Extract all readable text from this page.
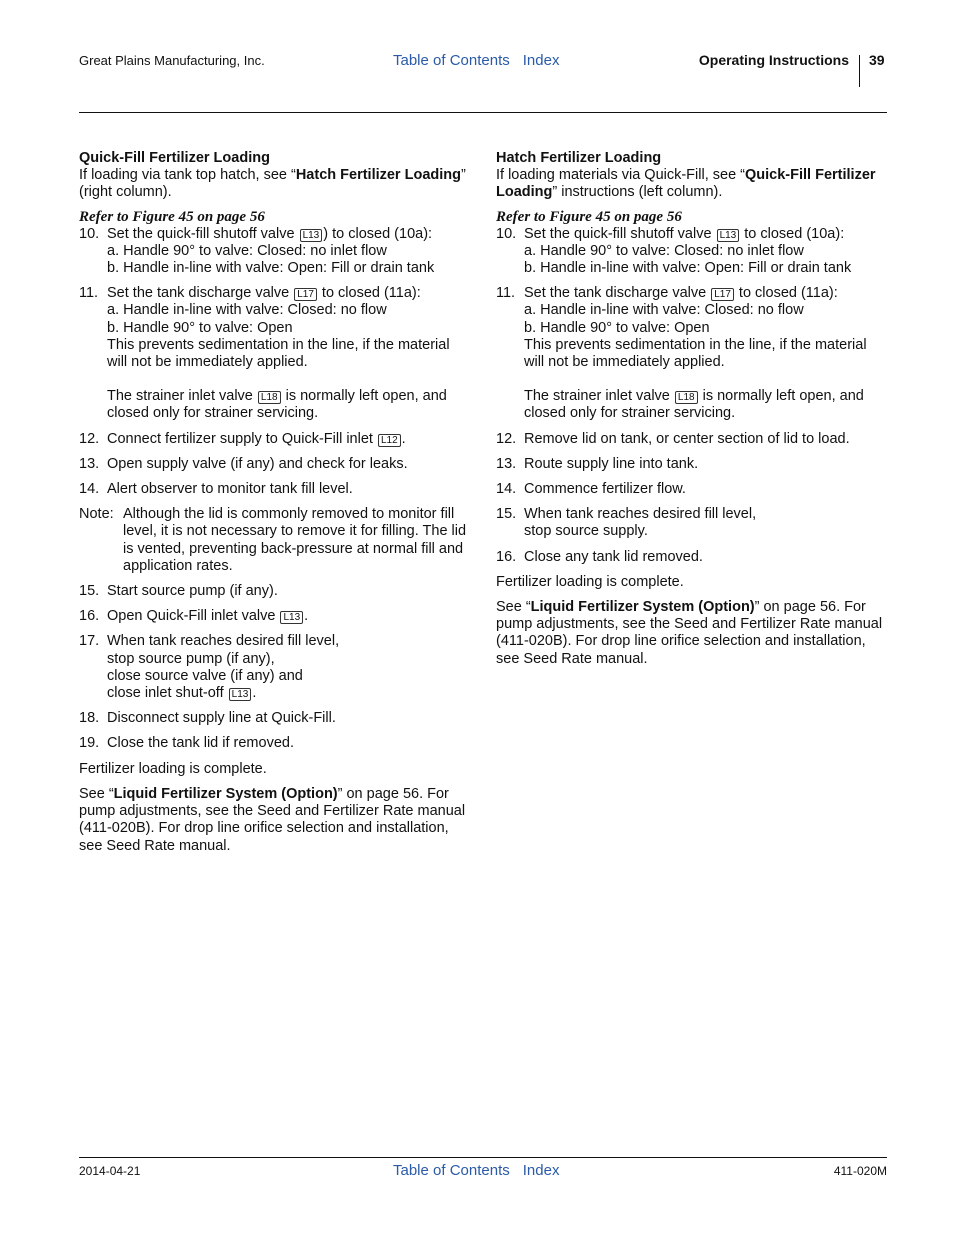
Great Plains Manufacturing, Inc.	Table of Contents Index	Operating Instructions 39
Quick-Fill Fertilizer Loading

If loading via tank top hatch, see “Hatch Fertilizer Loading” (right column).

Refer to Figure 45 on page 56

10. Set the quick-fill shutoff valve L13 ) to closed (10a):
a. Handle 90° to valve: Closed: no inlet flow
b. Handle in-line with valve: Open: Fill or drain tank
11. Set the tank discharge valve L17 to closed (11a):
a. Handle in-line with valve: Closed: no flow
b. Handle 90° to valve: Open
This prevents sedimentation in the line, if the material will not be immediately applied.
The strainer inlet valve L18 is normally left open, and closed only for strainer servicing.
12. Connect fertilizer supply to Quick-Fill inlet L12 .
13. Open supply valve (if any) and check for leaks.
14. Alert observer to monitor tank fill level.
Note: Although the lid is commonly removed to monitor fill level, it is not necessary to remove it for filling. The lid is vented, preventing back-pressure at normal fill and application rates.
15. Start source pump (if any).
16. Open Quick-Fill inlet valve L13 .
17. When tank reaches desired fill level,
stop source pump (if any),
close source valve (if any) and
close inlet shut-off L13 .
18. Disconnect supply line at Quick-Fill.
19. Close the tank lid if removed.

Fertilizer loading is complete.

See “Liquid Fertilizer System (Option)” on page 56. For pump adjustments, see the Seed and Fertilizer Rate manual (411-020B). For drop line orifice selection and installation, see Seed Rate manual.

Hatch Fertilizer Loading

If loading materials via Quick-Fill, see “Quick-Fill Fertilizer Loading” instructions (left column).

Refer to Figure 45 on page 56

10. Set the quick-fill shutoff valve L13 to closed (10a):
a. Handle 90° to valve: Closed: no inlet flow
b. Handle in-line with valve: Open: Fill or drain tank
11. Set the tank discharge valve L17 to closed (11a):
a. Handle in-line with valve: Closed: no flow
b. Handle 90° to valve: Open
This prevents sedimentation in the line, if the material will not be immediately applied.
The strainer inlet valve L18 is normally left open, and closed only for strainer servicing.
12. Remove lid on tank, or center section of lid to load.
13. Route supply line into tank.
14. Commence fertilizer flow.
15. When tank reaches desired fill level,
stop source supply.
16. Close any tank lid removed.

Fertilizer loading is complete.

See “Liquid Fertilizer System (Option)” on page 56. For pump adjustments, see the Seed and Fertilizer Rate manual (411-020B). For drop line orifice selection and installation, see Seed Rate manual.

2014-04-21	Table of Contents Index	411-020M
